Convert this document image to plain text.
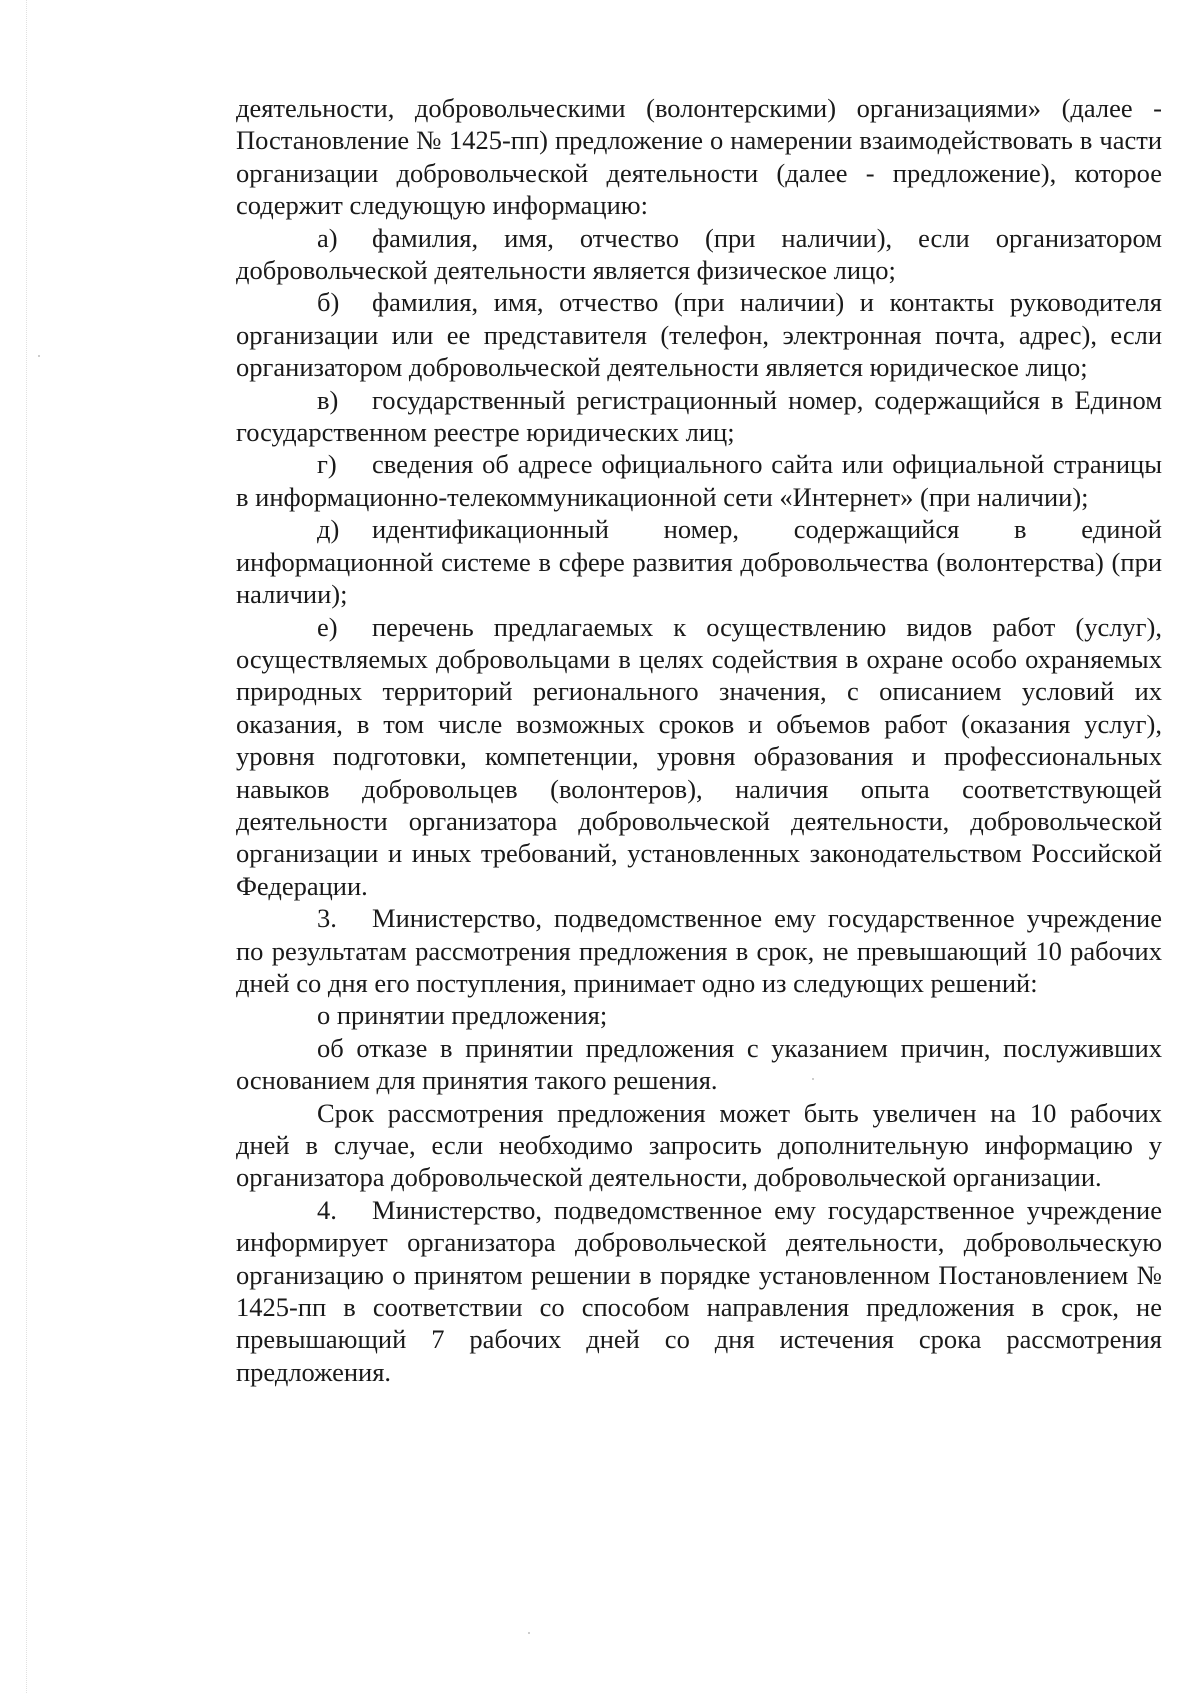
деятельности, добровольческими (волонтерскими) организациями» (далее - Постановление № 1425-пп) предложение о намерении взаимодействовать в части организации добровольческой деятельности (далее - предложение), которое содержит следующую информацию:

а) фамилия, имя, отчество (при наличии), если организатором добровольческой деятельности является физическое лицо;

б) фамилия, имя, отчество (при наличии) и контакты руководителя организации или ее представителя (телефон, электронная почта, адрес), если организатором добровольческой деятельности является юридическое лицо;

в) государственный регистрационный номер, содержащийся в Едином государственном реестре юридических лиц;

г) сведения об адресе официального сайта или официальной страницы в информационно-телекоммуникационной сети «Интернет» (при наличии);

д) идентификационный номер, содержащийся в единой информационной системе в сфере развития добровольчества (волонтерства) (при наличии);

е) перечень предлагаемых к осуществлению видов работ (услуг), осуществляемых добровольцами в целях содействия в охране особо охраняемых природных территорий регионального значения, с описанием условий их оказания, в том числе возможных сроков и объемов работ (оказания услуг), уровня подготовки, компетенции, уровня образования и профессиональных навыков добровольцев (волонтеров), наличия опыта соответствующей деятельности организатора добровольческой деятельности, добровольческой организации и иных требований, установленных законодательством Российской Федерации.

3. Министерство, подведомственное ему государственное учреждение по результатам рассмотрения предложения в срок, не превышающий 10 рабочих дней со дня его поступления, принимает одно из следующих решений:

о принятии предложения;

об отказе в принятии предложения с указанием причин, послуживших основанием для принятия такого решения.

Срок рассмотрения предложения может быть увеличен на 10 рабочих дней в случае, если необходимо запросить дополнительную информацию у организатора добровольческой деятельности, добровольческой организации.

4. Министерство, подведомственное ему государственное учреждение информирует организатора добровольческой деятельности, добровольческую организацию о принятом решении в порядке установленном Постановлением № 1425-пп в соответствии со способом направления предложения в срок, не превышающий 7 рабочих дней со дня истечения срока рассмотрения предложения.
